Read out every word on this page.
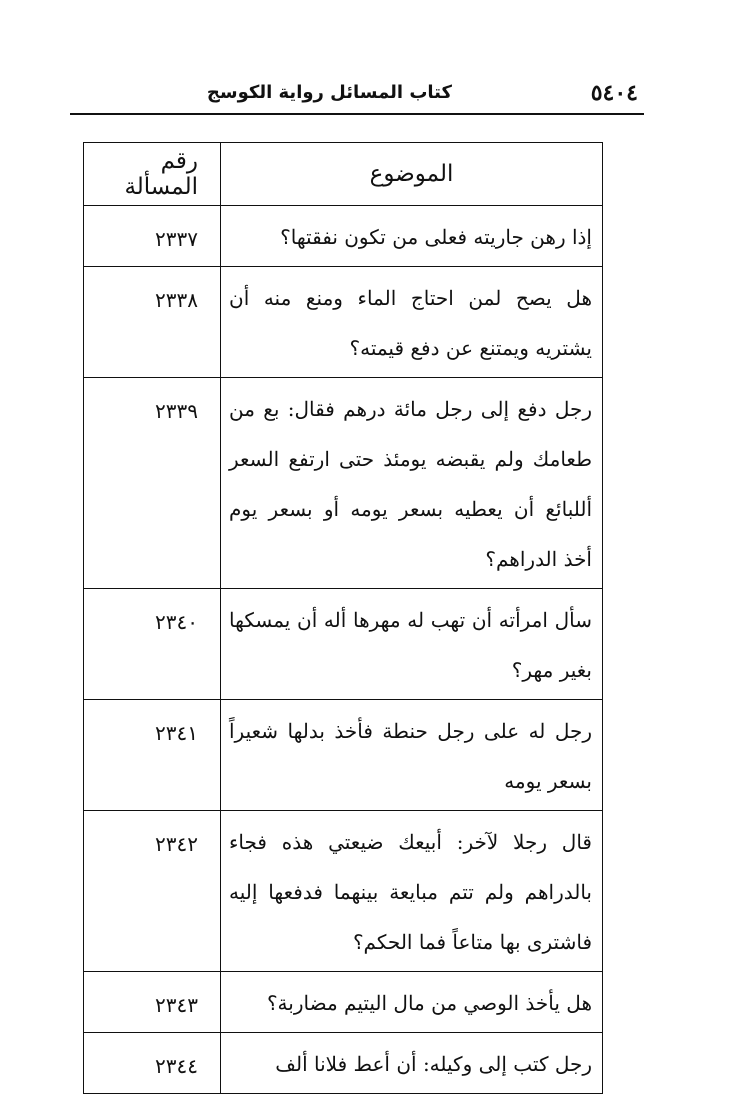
٥٤٠٤
كتاب المسائل رواية الكوسج
الموضوع	رقم المسألة
إذا رهن جاريته فعلى من تكون نفقتها؟	٢٣٣٧
هل يصح لمن احتاج الماء ومنع منه أن يشتريه ويمتنع عن دفع قيمته؟	٢٣٣٨
رجل دفع إلى رجل مائة درهم فقال: بع من طعامك ولم يقبضه يومئذ حتى ارتفع السعر أللبائع أن يعطيه بسعر يومه أو بسعر يوم أخذ الدراهم؟	٢٣٣٩
سأل امرأته أن تهب له مهرها أله أن يمسكها بغير مهر؟	٢٣٤٠
رجل له على رجل حنطة فأخذ بدلها شعيراً بسعر يومه	٢٣٤١
قال رجلا لآخر: أبيعك ضيعتي هذه فجاء بالدراهم ولم تتم مبايعة بينهما فدفعها إليه فاشترى بها متاعاً فما الحكم؟	٢٣٤٢
هل يأخذ الوصي من مال اليتيم مضاربة؟	٢٣٤٣
رجل كتب إلى وكيله: أن أعط فلانا ألف	٢٣٤٤
